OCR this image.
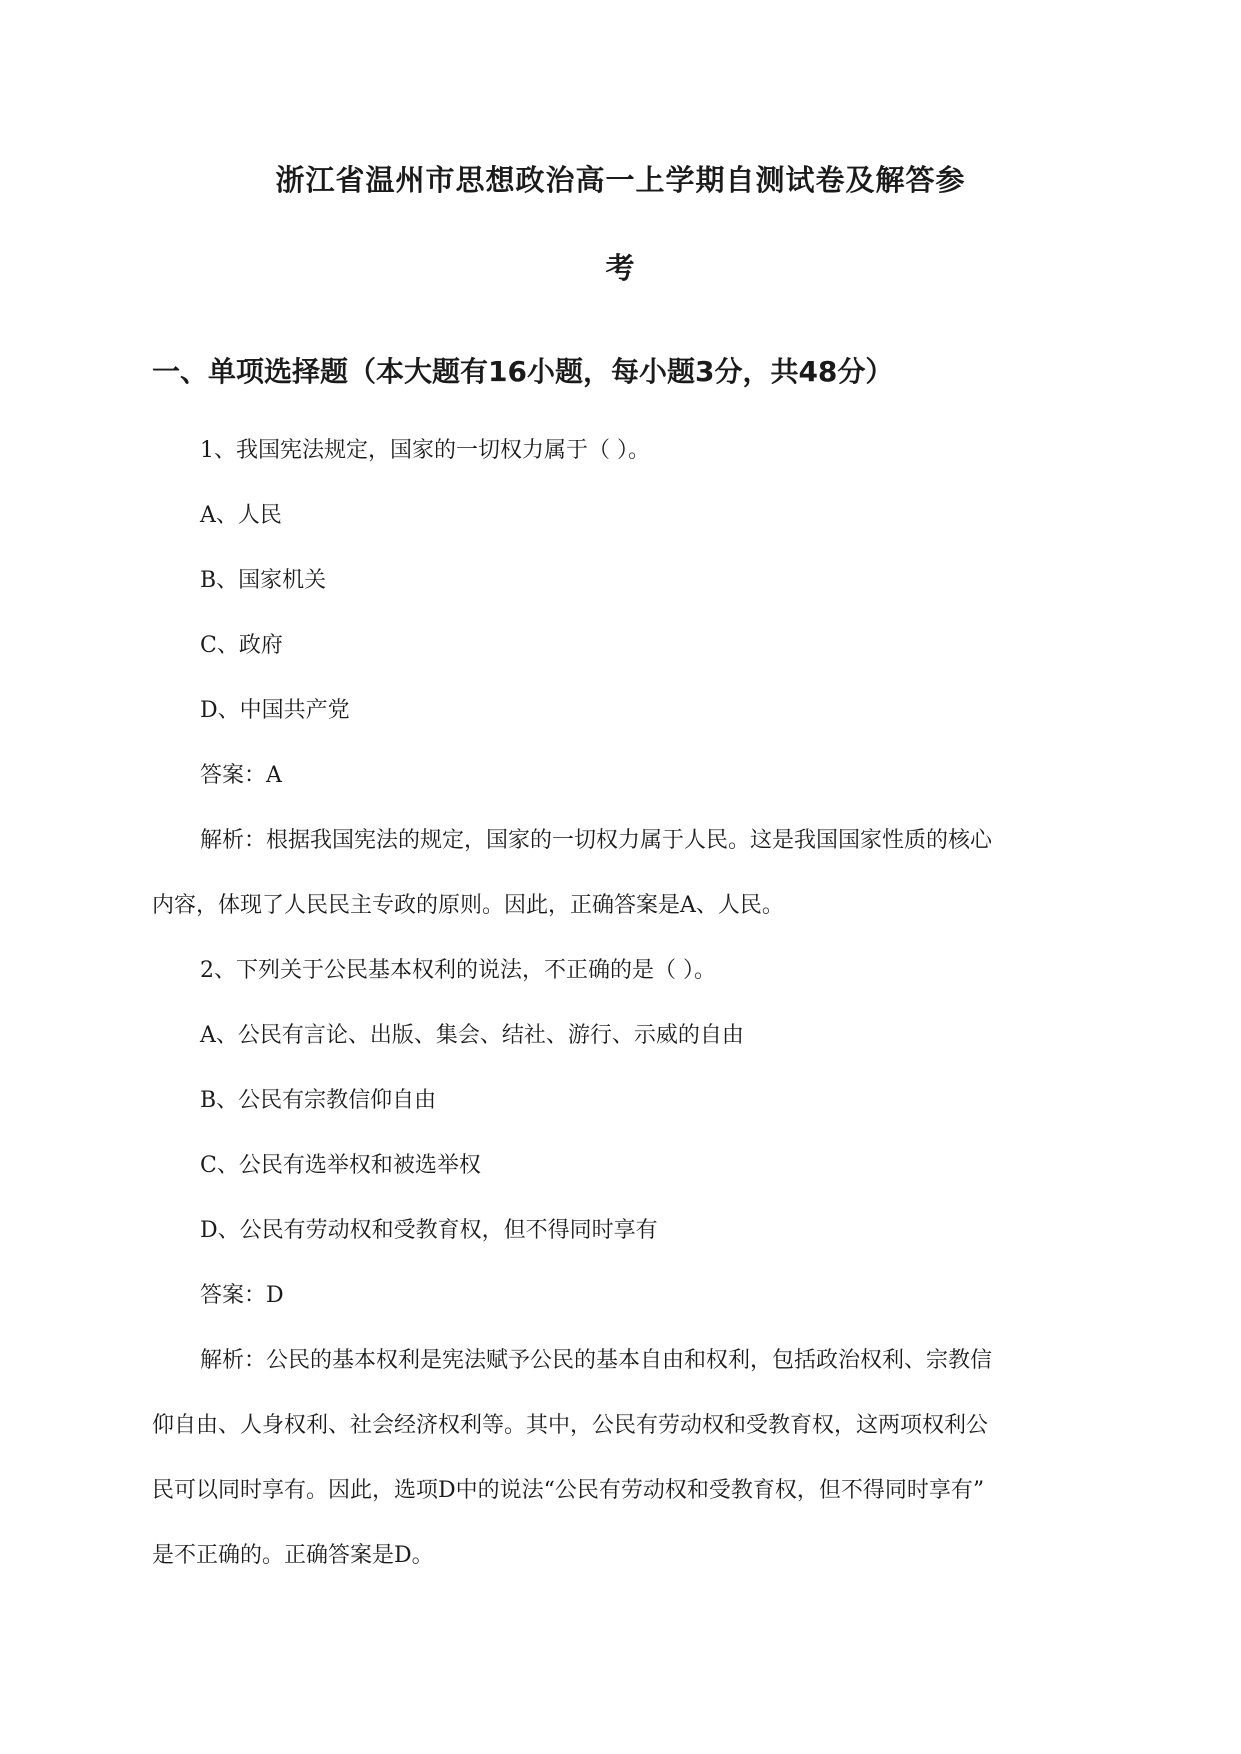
浙江省温州市思想政治高一上学期自测试卷及解答参
考
一、单项选择题（本大题有16小题，每小题3分，共48分）

1、我国宪法规定，国家的一切权力属于（ ）。

A、人民

B、国家机关

C、政府

D、中国共产党

答案：A

解析：根据我国宪法的规定，国家的一切权力属于人民。这是我国国家性质的核心

内容，体现了人民民主专政的原则。因此，正确答案是A、人民。

2、下列关于公民基本权利的说法，不正确的是（ ）。

A、公民有言论、出版、集会、结社、游行、示威的自由

B、公民有宗教信仰自由

C、公民有选举权和被选举权

D、公民有劳动权和受教育权，但不得同时享有

答案：D

解析：公民的基本权利是宪法赋予公民的基本自由和权利，包括政治权利、宗教信

仰自由、人身权利、社会经济权利等。其中，公民有劳动权和受教育权，这两项权利公

民可以同时享有。因此，选项D中的说法“公民有劳动权和受教育权，但不得同时享有”

是不正确的。正确答案是D。
